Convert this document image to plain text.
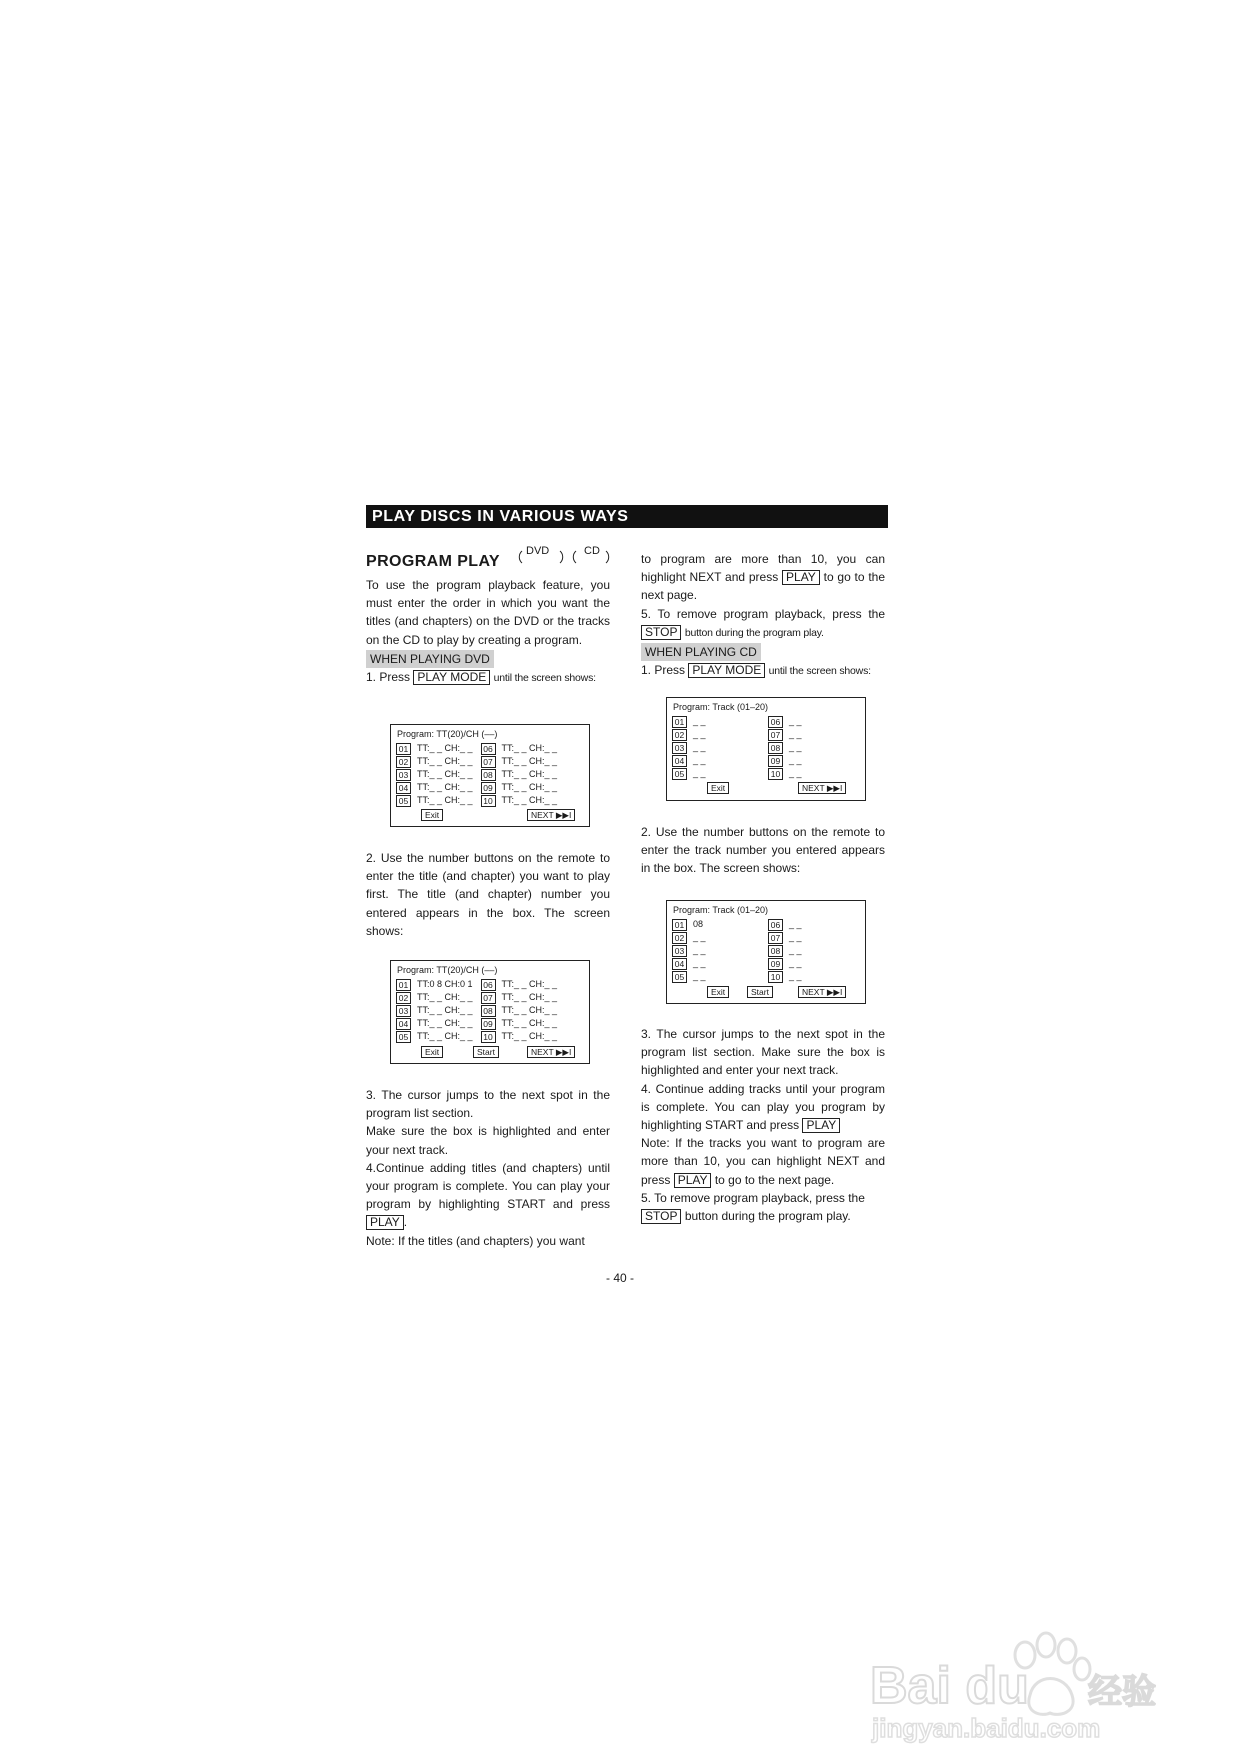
PLAY DISCS IN VARIOUS WAYS
PROGRAM PLAY
DVD	CD

To use the program playback feature, you must enter the order in which you want the titles (and chapters) on the DVD or the tracks on the CD to play by creating a program.

WHEN PLAYING DVD

1. Press PLAY MODE until the screen shows:

Program: TT(20)/CH (––)
01 TT:_ _ CH:_ _ 06 TT:_ _ CH:_ _
02 TT:_ _ CH:_ _ 07 TT:_ _ CH:_ _
03 TT:_ _ CH:_ _ 08 TT:_ _ CH:_ _
04 TT:_ _ CH:_ _ 09 TT:_ _ CH:_ _
05 TT:_ _ CH:_ _ 10 TT:_ _ CH:_ _
Exit	NEXT ▶▶I

2. Use the number buttons on the remote to enter the title (and chapter) you want to play first. The title (and chapter) number you entered appears in the box. The screen shows:

Program: TT(20)/CH (––)
01 TT:0 8 CH:0 1 06 TT:_ _ CH:_ _
02 TT:_ _ CH:_ _ 07 TT:_ _ CH:_ _
03 TT:_ _ CH:_ _ 08 TT:_ _ CH:_ _
04 TT:_ _ CH:_ _ 09 TT:_ _ CH:_ _
05 TT:_ _ CH:_ _ 10 TT:_ _ CH:_ _
Exit	Start	NEXT ▶▶I

3. The cursor jumps to the next spot in the program list section.

Make sure the box is highlighted and enter your next track.

4.Continue adding titles (and chapters) until your program is complete. You can play your program by highlighting START and press PLAY .

Note: If the titles (and chapters) you want

to program are more than 10, you can highlight NEXT and press PLAY to go to the next page.

5. To remove program playback, press the STOP button during the program play.

WHEN PLAYING CD

1. Press PLAY MODE until the screen shows:

Program: Track (01–20)
01 _ _	06 _ _
02 _ _	07 _ _
03 _ _	08 _ _
04 _ _	09 _ _
05 _ _	10 _ _
Exit	NEXT ▶▶I

2. Use the number buttons on the remote to enter the track number you entered appears in the box. The screen shows:

Program: Track (01–20)
01 08	06 _ _
02 _ _	07 _ _
03 _ _	08 _ _
04 _ _	09 _ _
05 _ _	10 _ _
Exit	Start	NEXT ▶▶I

3. The cursor jumps to the next spot in the program list section. Make sure the box is highlighted and enter your next track.

4. Continue adding tracks until your program is complete. You can play you program by highlighting START and press PLAY

Note: If the tracks you want to program are more than 10, you can highlight NEXT and press PLAY to go to the next page.

5. To remove program playback, press the

STOP button during the program play.

- 40 -
Bai du 经验
jingyan.baidu.com
